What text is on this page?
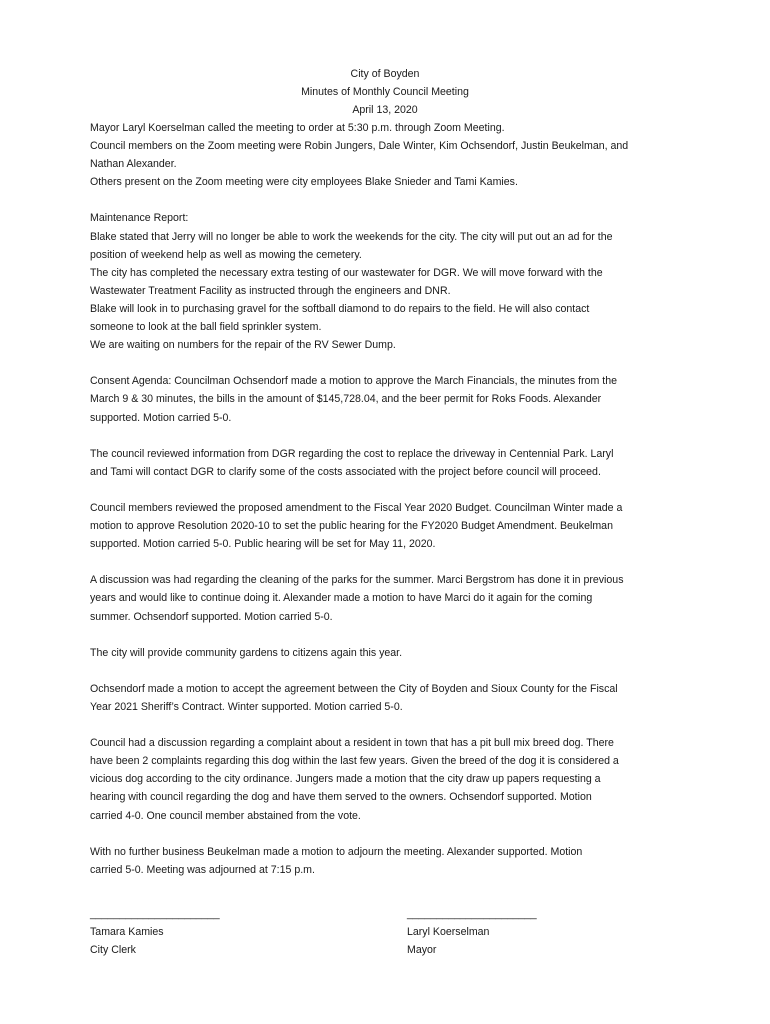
City of Boyden
Minutes of Monthly Council Meeting
April 13, 2020
Mayor Laryl Koerselman called the meeting to order at 5:30 p.m. through Zoom Meeting.
Council members on the Zoom meeting were Robin Jungers, Dale Winter, Kim Ochsendorf, Justin Beukelman, and
Nathan Alexander.
Others present on the Zoom meeting were city employees Blake Snieder and Tami Kamies.
Maintenance Report:
Blake stated that Jerry will no longer be able to work the weekends for the city. The city will put out an ad for the
position of weekend help as well as mowing the cemetery.
The city has completed the necessary extra testing of our wastewater for DGR. We will move forward with the
Wastewater Treatment Facility as instructed through the engineers and DNR.
Blake will look in to purchasing gravel for the softball diamond to do repairs to the field. He will also contact
someone to look at the ball field sprinkler system.
We are waiting on numbers for the repair of the RV Sewer Dump.
Consent Agenda: Councilman Ochsendorf made a motion to approve the March Financials, the minutes from the
March 9 & 30 minutes, the bills in the amount of $145,728.04, and the beer permit for Roks Foods. Alexander
supported. Motion carried 5-0.
The council reviewed information from DGR regarding the cost to replace the driveway in Centennial Park. Laryl
and Tami will contact DGR to clarify some of the costs associated with the project before council will proceed.
Council members reviewed the proposed amendment to the Fiscal Year 2020 Budget. Councilman Winter made a
motion to approve Resolution 2020-10 to set the public hearing for the FY2020 Budget Amendment. Beukelman
supported. Motion carried 5-0. Public hearing will be set for May 11, 2020.
A discussion was had regarding the cleaning of the parks for the summer. Marci Bergstrom has done it in previous
years and would like to continue doing it. Alexander made a motion to have Marci do it again for the coming
summer. Ochsendorf supported. Motion carried 5-0.
The city will provide community gardens to citizens again this year.
Ochsendorf made a motion to accept the agreement between the City of Boyden and Sioux County for the Fiscal
Year 2021 Sheriff’s Contract. Winter supported. Motion carried 5-0.
Council had a discussion regarding a complaint about a resident in town that has a pit bull mix breed dog. There
have been 2 complaints regarding this dog within the last few years. Given the breed of the dog it is considered a
vicious dog according to the city ordinance. Jungers made a motion that the city draw up papers requesting a
hearing with council regarding the dog and have them served to the owners. Ochsendorf supported. Motion
carried 4-0. One council member abstained from the vote.
With no further business Beukelman made a motion to adjourn the meeting. Alexander supported. Motion
carried 5-0. Meeting was adjourned at 7:15 p.m.
______________________
Tamara Kamies
City Clerk
______________________
Laryl Koerselman
Mayor
